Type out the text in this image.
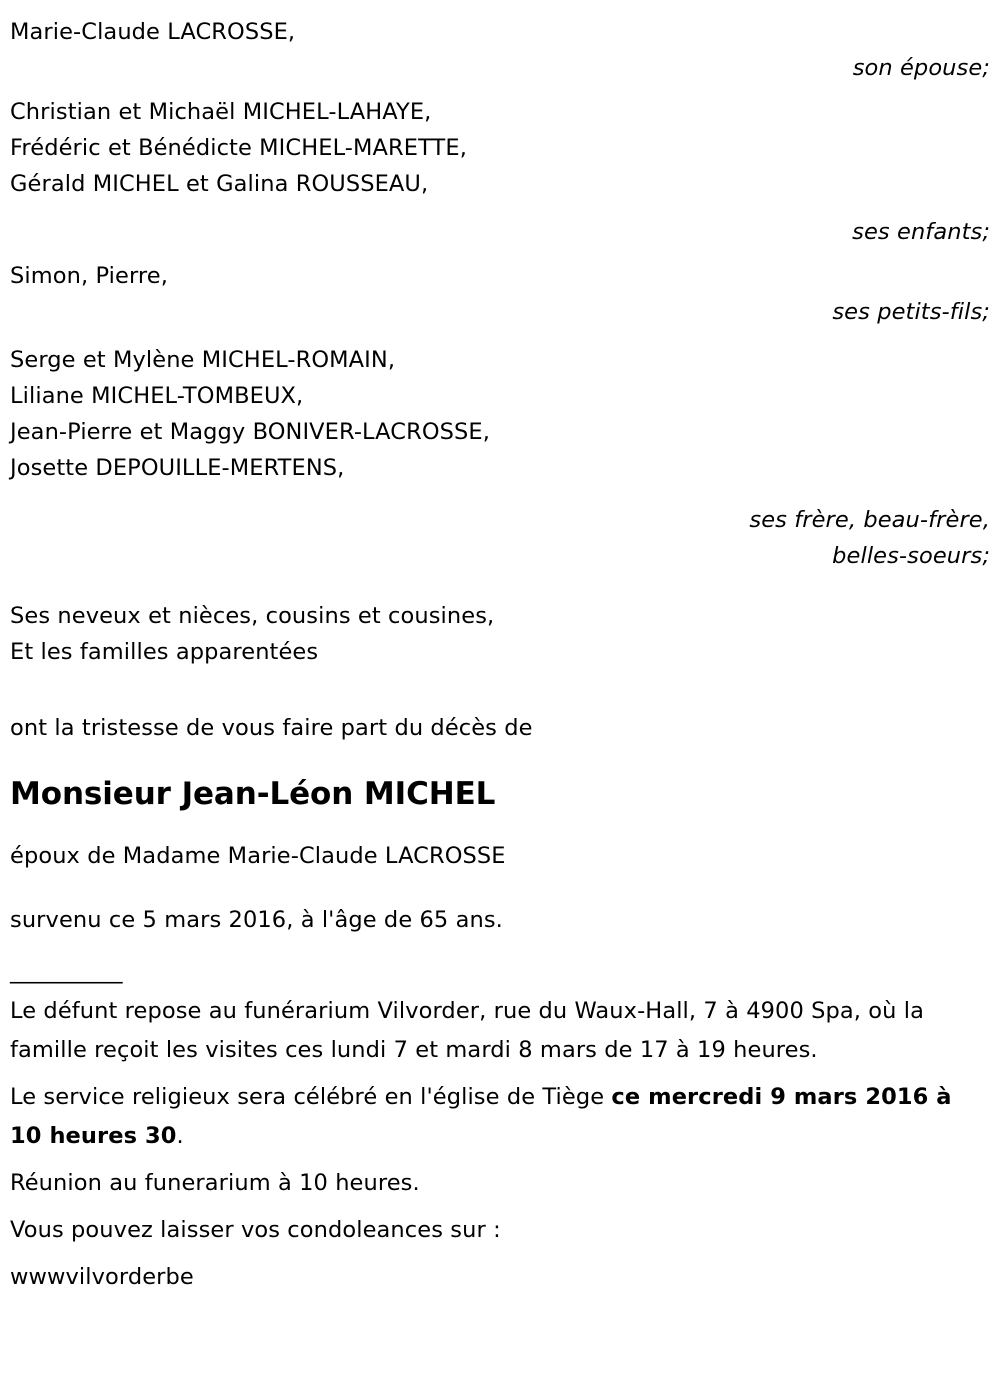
Marie-Claude LACROSSE,
son épouse;
Christian et Michaël MICHEL-LAHAYE,
Frédéric et Bénédicte MICHEL-MARETTE,
Gérald MICHEL et Galina ROUSSEAU,
ses enfants;
Simon, Pierre,
ses petits-fils;
Serge et Mylène MICHEL-ROMAIN,
Liliane MICHEL-TOMBEUX,
Jean-Pierre et Maggy BONIVER-LACROSSE,
Josette DEPOUILLE-MERTENS,
ses frère, beau-frère, belles-soeurs;
Ses neveux et nièces, cousins et cousines,
Et les familles apparentées
ont la tristesse de vous faire part du décès de
Monsieur Jean-Léon MICHEL
époux de Madame Marie-Claude LACROSSE
survenu ce 5 mars 2016, à l'âge de 65 ans.
__________
Le défunt repose au funérarium Vilvorder, rue du Waux-Hall, 7 à 4900 Spa, où la famille reçoit les visites ces lundi 7 et mardi 8 mars de 17 à 19 heures.
Le service religieux sera célébré en l'église de Tiège ce mercredi 9 mars 2016 à 10 heures 30.
Réunion au funerarium à 10 heures.
Vous pouvez laisser vos condoleances sur :
wwwvilvorderbe
